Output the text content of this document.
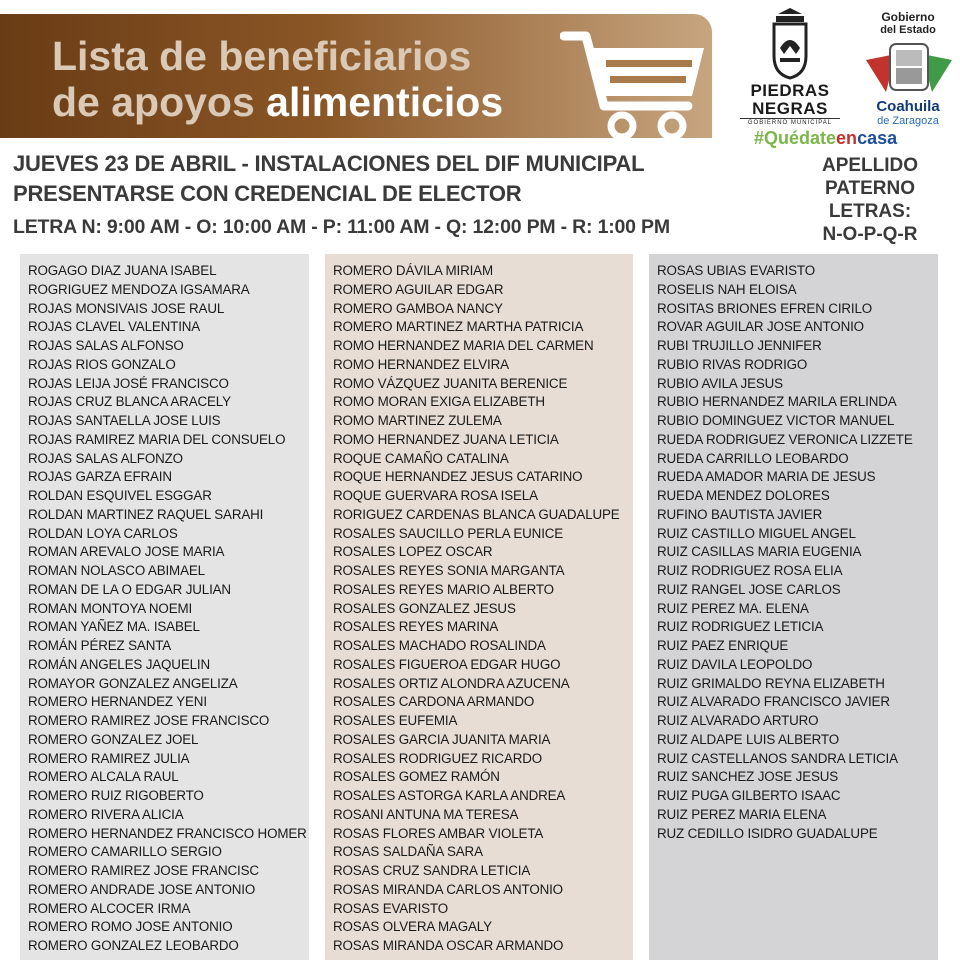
Lista de beneficiarios
de apoyos alimenticios	PIEDRAS
NEGRAS
GOBIERNO MUNICIPAL
Gobierno
del Estado
Coahuila
de Zaragoza
#Quédateencasa
JUEVES 23 DE ABRIL - INSTALACIONES DEL DIF MUNICIPAL
PRESENTARSE CON CREDENCIAL DE ELECTOR
LETRA N: 9:00 AM - O: 10:00 AM - P: 11:00 AM - Q: 12:00 PM - R: 1:00 PM
APELLIDO
PATERNO
LETRAS:
N-O-P-Q-R
ROGAGO DIAZ JUANA ISABEL
ROGRIGUEZ MENDOZA IGSAMARA
ROJAS MONSIVAIS JOSE RAUL
ROJAS CLAVEL VALENTINA
ROJAS SALAS ALFONSO
ROJAS RIOS GONZALO
ROJAS LEIJA JOSÉ FRANCISCO
ROJAS CRUZ BLANCA ARACELY
ROJAS SANTAELLA JOSE LUIS
ROJAS RAMIREZ MARIA DEL CONSUELO
ROJAS SALAS ALFONZO
ROJAS GARZA EFRAIN
ROLDAN ESQUIVEL ESGGAR
ROLDAN MARTINEZ RAQUEL SARAHI
ROLDAN LOYA CARLOS
ROMAN AREVALO JOSE MARIA
ROMAN NOLASCO ABIMAEL
ROMAN DE LA O EDGAR JULIAN
ROMAN MONTOYA NOEMI
ROMAN YAÑEZ MA. ISABEL
ROMÁN PÉREZ SANTA
ROMÁN ANGELES JAQUELIN
ROMAYOR GONZALEZ ANGELIZA
ROMERO HERNANDEZ YENI
ROMERO RAMIREZ JOSE FRANCISCO
ROMERO GONZALEZ JOEL
ROMERO RAMIREZ JULIA
ROMERO ALCALA RAUL
ROMERO RUIZ RIGOBERTO
ROMERO RIVERA ALICIA
ROMERO HERNANDEZ FRANCISCO HOMER
ROMERO CAMARILLO SERGIO
ROMERO RAMIREZ JOSE FRANCISC
ROMERO ANDRADE JOSE ANTONIO
ROMERO ALCOCER IRMA
ROMERO ROMO JOSE ANTONIO
ROMERO GONZALEZ LEOBARDO
ROMERO DÁVILA MIRIAM
ROMERO AGUILAR EDGAR
ROMERO GAMBOA NANCY
ROMERO MARTINEZ MARTHA PATRICIA
ROMO HERNANDEZ MARIA DEL CARMEN
ROMO HERNANDEZ ELVIRA
ROMO VÁZQUEZ JUANITA BERENICE
ROMO MORAN EXIGA ELIZABETH
ROMO MARTINEZ ZULEMA
ROMO HERNANDEZ JUANA LETICIA
ROQUE CAMAÑO CATALINA
ROQUE HERNANDEZ JESUS CATARINO
ROQUE GUERVARA ROSA ISELA
RORIGUEZ CARDENAS BLANCA GUADALUPE
ROSALES SAUCILLO PERLA EUNICE
ROSALES LOPEZ OSCAR
ROSALES REYES SONIA MARGANTA
ROSALES REYES MARIO ALBERTO
ROSALES GONZALEZ JESUS
ROSALES REYES MARINA
ROSALES MACHADO ROSALINDA
ROSALES FIGUEROA EDGAR HUGO
ROSALES ORTIZ ALONDRA AZUCENA
ROSALES CARDONA ARMANDO
ROSALES EUFEMIA
ROSALES GARCIA JUANITA MARIA
ROSALES RODRIGUEZ RICARDO
ROSALES GOMEZ RAMÓN
ROSALES ASTORGA KARLA ANDREA
ROSANI ANTUNA MA TERESA
ROSAS FLORES AMBAR VIOLETA
ROSAS SALDAÑA SARA
ROSAS CRUZ SANDRA LETICIA
ROSAS MIRANDA CARLOS ANTONIO
ROSAS EVARISTO
ROSAS OLVERA MAGALY
ROSAS MIRANDA OSCAR ARMANDO
ROSAS UBIAS EVARISTO
ROSELIS NAH ELOISA
ROSITAS BRIONES EFREN CIRILO
ROVAR AGUILAR JOSE ANTONIO
RUBI TRUJILLO JENNIFER
RUBIO RIVAS RODRIGO
RUBIO AVILA JESUS
RUBIO HERNANDEZ MARILA ERLINDA
RUBIO DOMINGUEZ VICTOR MANUEL
RUEDA RODRIGUEZ VERONICA LIZZETE
RUEDA CARRILLO LEOBARDO
RUEDA AMADOR MARIA DE JESUS
RUEDA MENDEZ DOLORES
RUFINO BAUTISTA JAVIER
RUIZ CASTILLO MIGUEL ANGEL
RUIZ CASILLAS MARIA EUGENIA
RUIZ RODRIGUEZ ROSA ELIA
RUIZ RANGEL JOSE CARLOS
RUIZ PEREZ MA. ELENA
RUIZ RODRIGUEZ LETICIA
RUIZ PAEZ ENRIQUE
RUIZ DAVILA LEOPOLDO
RUIZ GRIMALDO REYNA ELIZABETH
RUIZ ALVARADO FRANCISCO JAVIER
RUIZ ALVARADO ARTURO
RUIZ ALDAPE LUIS ALBERTO
RUIZ CASTELLANOS SANDRA LETICIA
RUIZ SANCHEZ JOSE JESUS
RUIZ PUGA GILBERTO ISAAC
RUIZ PEREZ MARIA ELENA
RUZ CEDILLO ISIDRO GUADALUPE
